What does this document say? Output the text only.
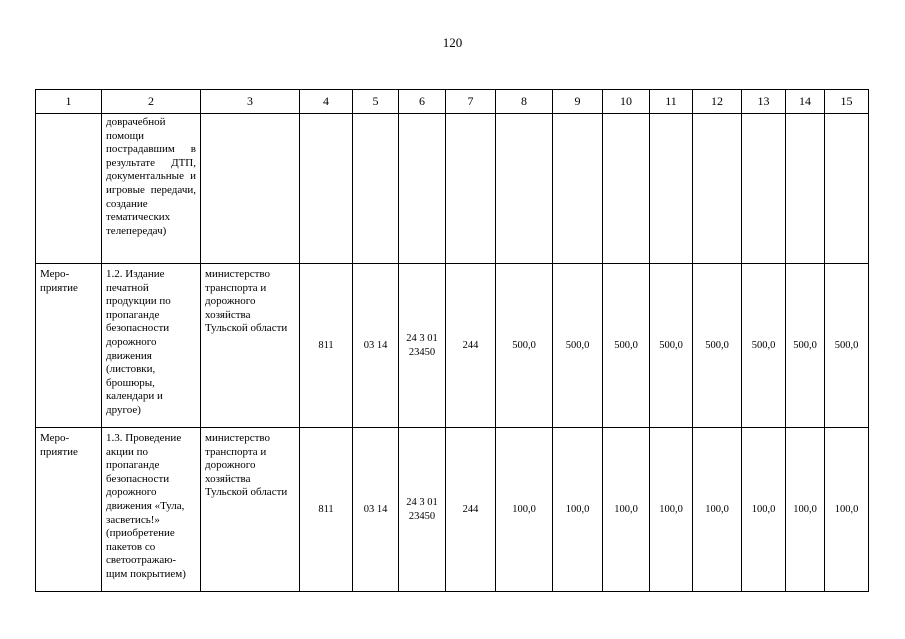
120
1	2	3	4	5	6	7	8	9	10	11	12	13	14	15
	доврачебной помощи пострадавшим в результате ДТП, документальные и игровые передачи, создание тематических телепередач)													
Меро-приятие	1.2. Издание печатной продукции по пропаганде безопасности дорожного движения (листовки, брошюры, календари и другое)	министерство транспорта и дорожного хозяйства Тульской области	811	03 14	24 3 01 23450	244	500,0	500,0	500,0	500,0	500,0	500,0	500,0	500,0
Меро-приятие	1.3. Проведение акции по пропаганде безопасности дорожного движения «Тула, засветись!» (приобретение пакетов со светоотражаю-щим покрытием)	министерство транспорта и дорожного хозяйства Тульской области	811	03 14	24 3 01 23450	244	100,0	100,0	100,0	100,0	100,0	100,0	100,0	100,0
